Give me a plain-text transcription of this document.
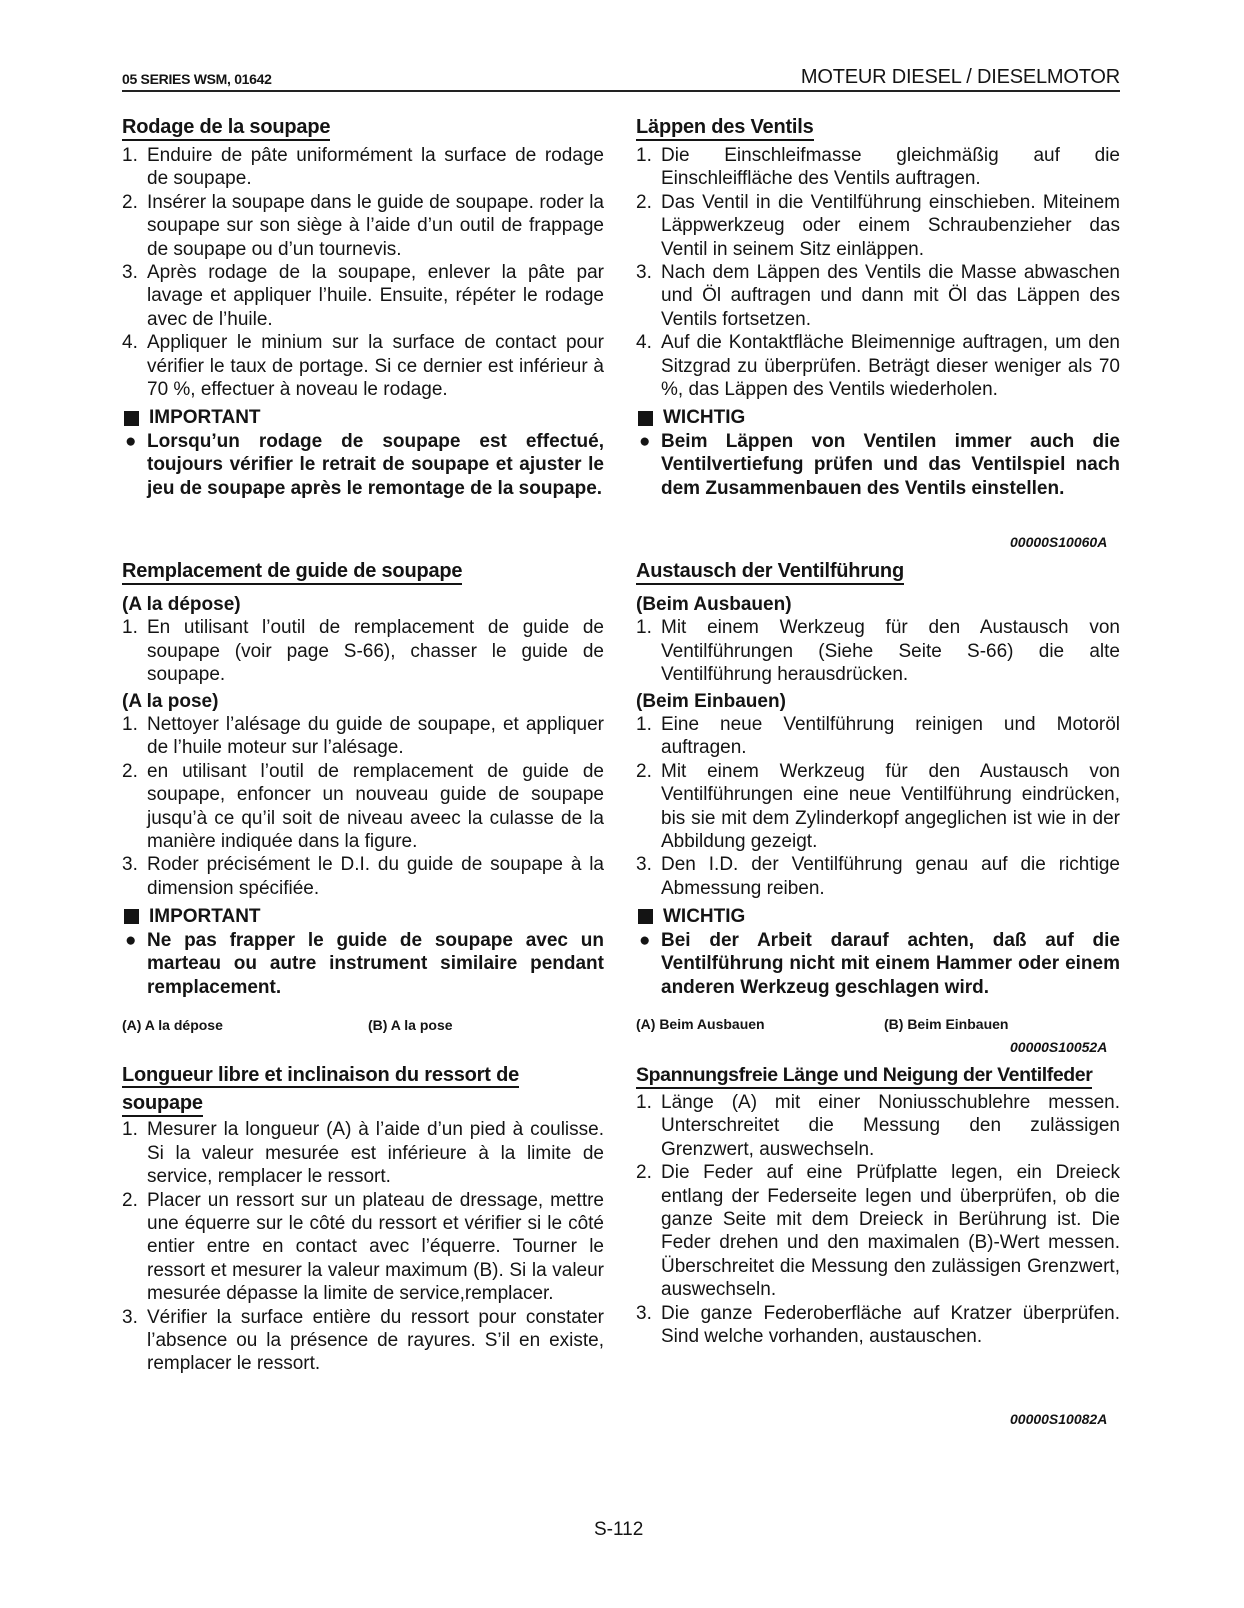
05 SERIES WSM, 01642	MOTEUR DIESEL / DIESELMOTOR
Rodage de la soupape
1. Enduire de pâte uniformément la surface de rodage de soupape.
2. Insérer la soupape dans le guide de soupape. roder la soupape sur son siège à l’aide d’un outil de frappage de soupape ou d’un tournevis.
3. Après rodage de la soupape, enlever la pâte par lavage et appliquer l’huile. Ensuite, répéter le rodage avec de l’huile.
4. Appliquer le minium sur la surface de contact pour vérifier le taux de portage. Si ce dernier est inférieur à 70 %, effectuer à noveau le rodage.
IMPORTANT
● Lorsqu’un rodage de soupape est effectué, toujours vérifier le retrait de soupape et ajuster le jeu de soupape après le remontage de la soupape.
Remplacement de guide de soupape
(A la dépose)
1. En utilisant l’outil de remplacement de guide de soupape (voir page S-66), chasser le guide de soupape.
(A la pose)
1. Nettoyer l’alésage du guide de soupape, et appliquer de l’huile moteur sur l’alésage.
2. en utilisant l’outil de remplacement de guide de soupape, enfoncer un nouveau guide de soupape jusqu’à ce qu’il soit de niveau aveec la culasse de la manière indiquée dans la figure.
3. Roder précisément le D.I. du guide de soupape à la dimension spécifiée.
IMPORTANT
● Ne pas frapper le guide de soupape avec un marteau ou autre instrument similaire pendant remplacement.
(A) A la dépose	(B) A la pose
Longueur libre et inclinaison du ressort de
soupape
1. Mesurer la longueur (A) à l’aide d’un pied à coulisse. Si la valeur mesurée est inférieure à la limite de service, remplacer le ressort.
2. Placer un ressort sur un plateau de dressage, mettre une équerre sur le côté du ressort et vérifier si le côté entier entre en contact avec l’équerre. Tourner le ressort et mesurer la valeur maximum (B). Si la valeur mesurée dépasse la limite de service,remplacer.
3. Vérifier la surface entière du ressort pour constater l’absence ou la présence de rayures. S’il en existe, remplacer le ressort.
Läppen des Ventils
1. Die Einschleifmasse gleichmäßig auf die Einschleiffläche des Ventils auftragen.
2. Das Ventil in die Ventilführung einschieben. Miteinem Läppwerkzeug oder einem Schraubenzieher das Ventil in seinem Sitz einläppen.
3. Nach dem Läppen des Ventils die Masse abwaschen und Öl auftragen und dann mit Öl das Läppen des Ventils fortsetzen.
4. Auf die Kontaktfläche Bleimennige auftragen, um den Sitzgrad zu überprüfen. Beträgt dieser weniger als 70 %, das Läppen des Ventils wiederholen.
WICHTIG
● Beim Läppen von Ventilen immer auch die Ventilvertiefung prüfen und das Ventilspiel nach dem Zusammenbauen des Ventils einstellen.
00000S10060A
Austausch der Ventilführung
(Beim Ausbauen)
1. Mit einem Werkzeug für den Austausch von Ventilführungen (Siehe Seite S-66) die alte Ventilführung herausdrücken.
(Beim Einbauen)
1. Eine neue Ventilführung reinigen und Motoröl auftragen.
2. Mit einem Werkzeug für den Austausch von Ventilführungen eine neue Ventilführung eindrücken, bis sie mit dem Zylinderkopf angeglichen ist wie in der Abbildung gezeigt.
3. Den I.D. der Ventilführung genau auf die richtige Abmessung reiben.
WICHTIG
● Bei der Arbeit darauf achten, daß auf die Ventilführung nicht mit einem Hammer oder einem anderen Werkzeug geschlagen wird.
(A) Beim Ausbauen	(B) Beim Einbauen
00000S10052A
Spannungsfreie Länge und Neigung der Ventilfeder
1. Länge (A) mit einer Noniusschublehre messen. Unterschreitet die Messung den zulässigen Grenzwert, auswechseln.
2. Die Feder auf eine Prüfplatte legen, ein Dreieck entlang der Federseite legen und überprüfen, ob die ganze Seite mit dem Dreieck in Berührung ist. Die Feder drehen und den maximalen (B)-Wert messen. Überschreitet die Messung den zulässigen Grenzwert, auswechseln.
3. Die ganze Federoberfläche auf Kratzer überprüfen. Sind welche vorhanden, austauschen.
00000S10082A
S-112
